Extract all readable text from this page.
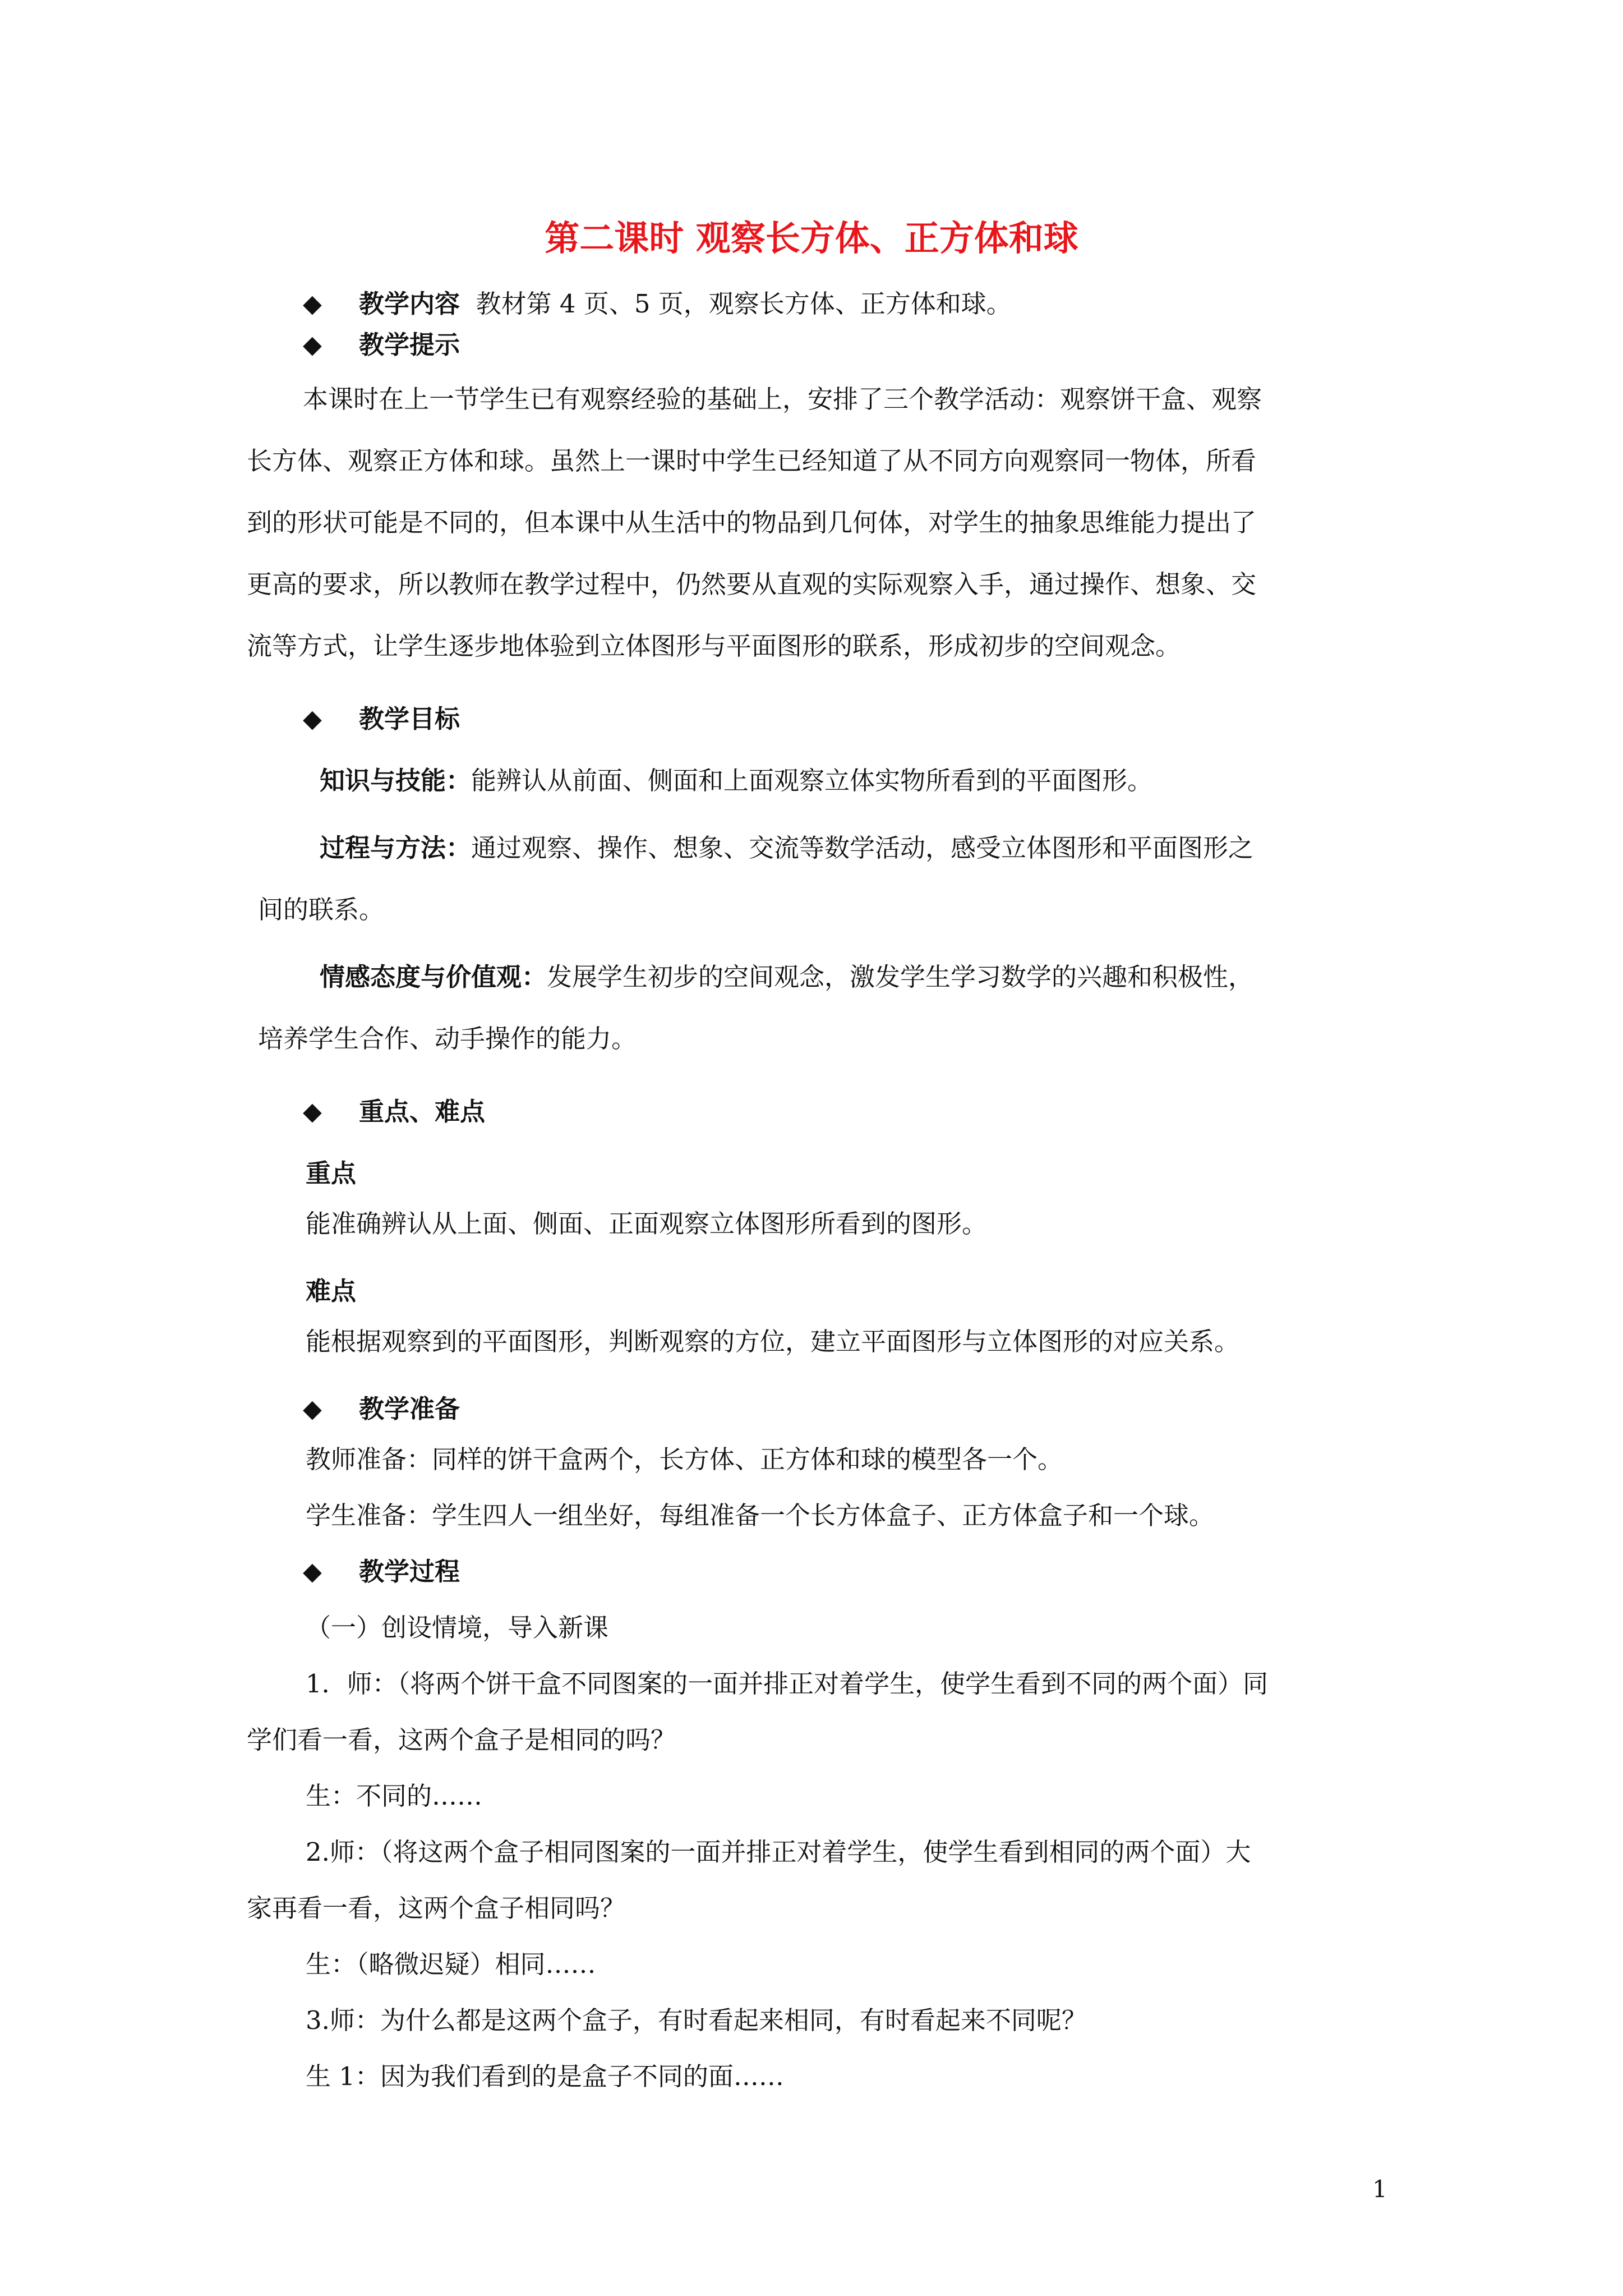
第二课时 观察长方体、正方体和球
◆ 教学内容 教材第 4 页、5 页，观察长方体、正方体和球。
◆ 教学提示
本课时在上一节学生已有观察经验的基础上，安排了三个教学活动：观察饼干盒、观察
长方体、观察正方体和球。虽然上一课时中学生已经知道了从不同方向观察同一物体，所看
到的形状可能是不同的，但本课中从生活中的物品到几何体，对学生的抽象思维能力提出了
更高的要求，所以教师在教学过程中，仍然要从直观的实际观察入手，通过操作、想象、交
流等方式，让学生逐步地体验到立体图形与平面图形的联系，形成初步的空间观念。
◆ 教学目标
知识与技能：能辨认从前面、侧面和上面观察立体实物所看到的平面图形。
过程与方法：通过观察、操作、想象、交流等数学活动，感受立体图形和平面图形之
间的联系。
情感态度与价值观：发展学生初步的空间观念，激发学生学习数学的兴趣和积极性，
培养学生合作、动手操作的能力。
◆ 重点、难点
重点
能准确辨认从上面、侧面、正面观察立体图形所看到的图形。
难点
能根据观察到的平面图形，判断观察的方位，建立平面图形与立体图形的对应关系。
◆ 教学准备
教师准备：同样的饼干盒两个，长方体、正方体和球的模型各一个。
学生准备：学生四人一组坐好，每组准备一个长方体盒子、正方体盒子和一个球。
◆ 教学过程
（一）创设情境，导入新课
1．师：（将两个饼干盒不同图案的一面并排正对着学生，使学生看到不同的两个面）同
学们看一看，这两个盒子是相同的吗？
生：不同的……
2.师：（将这两个盒子相同图案的一面并排正对着学生，使学生看到相同的两个面）大
家再看一看，这两个盒子相同吗？
生：（略微迟疑）相同……
3.师：为什么都是这两个盒子，有时看起来相同，有时看起来不同呢？
生 1：因为我们看到的是盒子不同的面……
1
